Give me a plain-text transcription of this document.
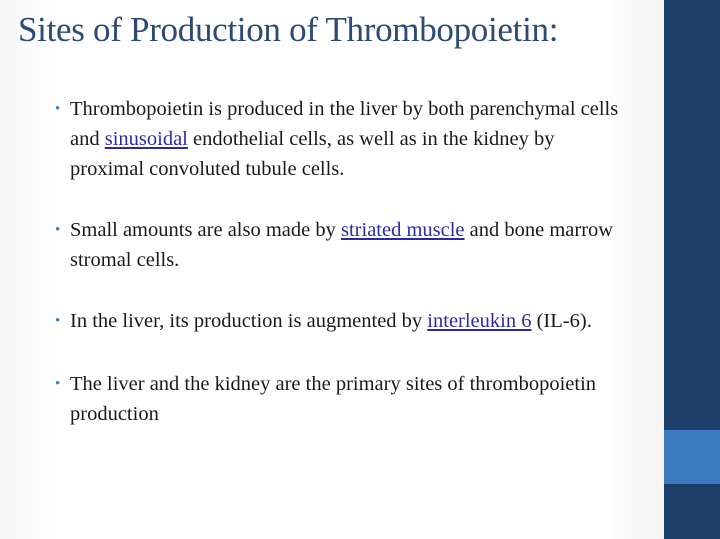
Sites of Production of Thrombopoietin:
• Thrombopoietin is produced in the liver by both parenchymal cells and sinusoidal endothelial cells, as well as in the kidney by proximal convoluted tubule cells.
• Small amounts are also made by striated muscle and bone marrow stromal cells.
• In the liver, its production is augmented by interleukin 6 (IL-6).
• The liver and the kidney are the primary sites of thrombopoietin production
